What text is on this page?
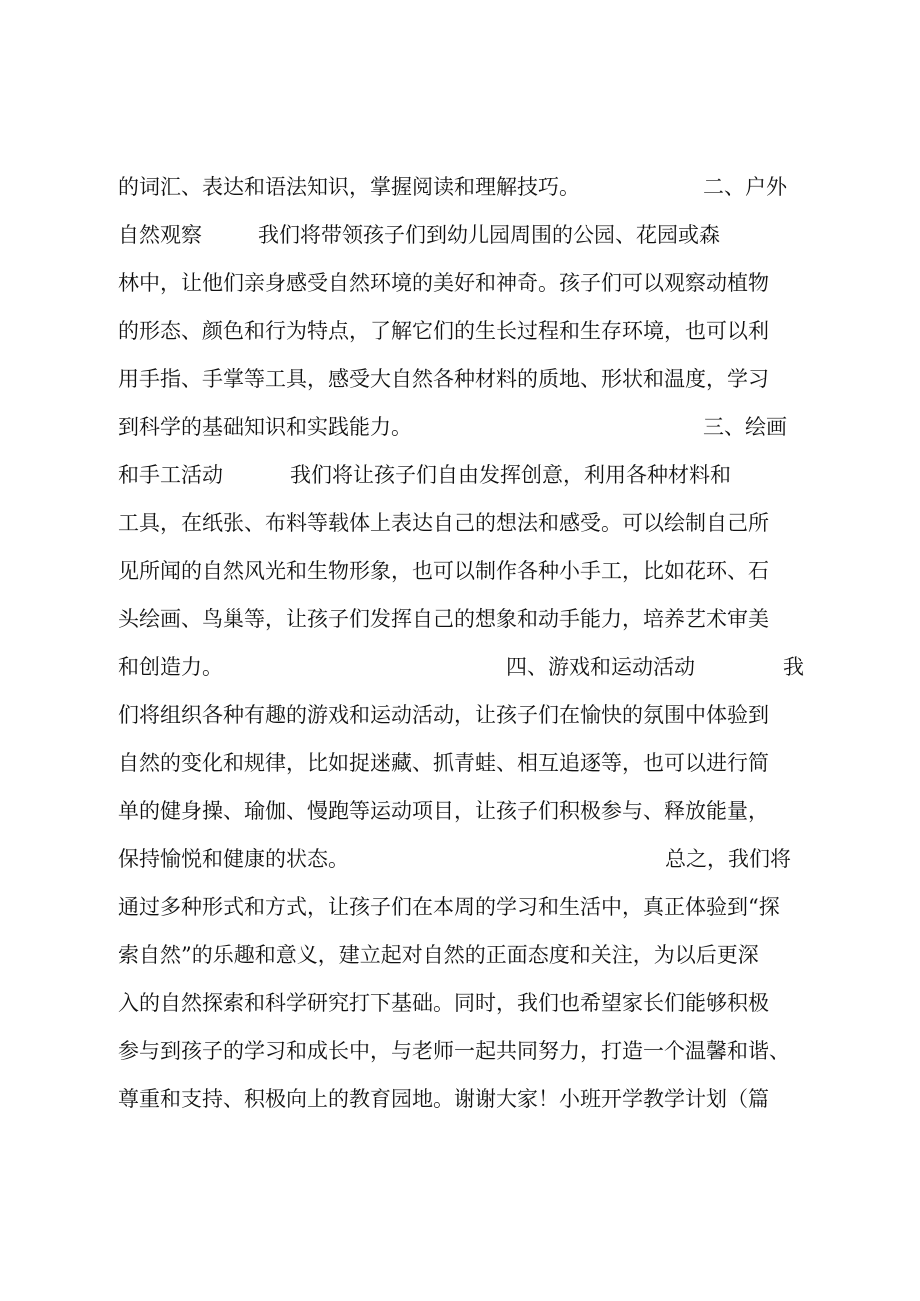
的词汇、表达和语法知识，掌握阅读和理解技巧。	二、户外
自然观察	我们将带领孩子们到幼儿园周围的公园、花园或森
林中，让他们亲身感受自然环境的美好和神奇。孩子们可以观察动植物
的形态、颜色和行为特点，了解它们的生长过程和生存环境，也可以利
用手指、手掌等工具，感受大自然各种材料的质地、形状和温度，学习
到科学的基础知识和实践能力。	三、绘画
和手工活动	我们将让孩子们自由发挥创意，利用各种材料和
工具，在纸张、布料等载体上表达自己的想法和感受。可以绘制自己所
见所闻的自然风光和生物形象，也可以制作各种小手工，比如花环、石
头绘画、鸟巢等，让孩子们发挥自己的想象和动手能力，培养艺术审美
和创造力。	四、游戏和运动活动	我
们将组织各种有趣的游戏和运动活动，让孩子们在愉快的氛围中体验到
自然的变化和规律，比如捉迷藏、抓青蛙、相互追逐等，也可以进行简
单的健身操、瑜伽、慢跑等运动项目，让孩子们积极参与、释放能量，
保持愉悦和健康的状态。	总之，我们将
通过多种形式和方式，让孩子们在本周的学习和生活中，真正体验到“探
索自然”的乐趣和意义，建立起对自然的正面态度和关注，为以后更深
入的自然探索和科学研究打下基础。同时，我们也希望家长们能够积极
参与到孩子的学习和成长中，与老师一起共同努力，打造一个温馨和谐、
尊重和支持、积极向上的教育园地。谢谢大家！小班开学教学计划（篇
